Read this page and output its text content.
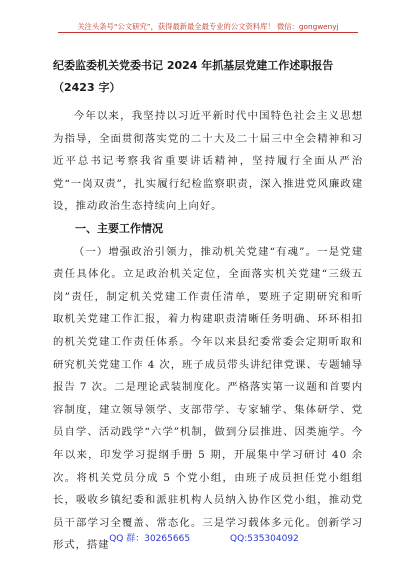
关注头条号“公文研究”，获得最新最全最专业的公文资料库！ 微信：gongwenyj

纪委监委机关党委书记 2024 年抓基层党建工作述职报告

（2423 字）

今年以来，我坚持以习近平新时代中国特色社会主义思想为指导，全面贯彻落实党的二十大及二十届三中全会精神和习近平总书记考察我省重要讲话精神，坚持履行全面从严治党“一岗双责”，扎实履行纪检监察职责，深入推进党风廉政建设，推动政治生态持续向上向好。

一、主要工作情况

（一）增强政治引领力，推动机关党建“有魂”。一是党建责任具体化。立足政治机关定位，全面落实机关党建“三级五岗”责任，制定机关党建工作责任清单，要班子定期研究和听取机关党建工作汇报，着力构建职责清晰任务明确、环环相扣的机关党建工作责任体系。今年以来县纪委常委会定期听取和研究机关党建工作 4 次，班子成员带头讲纪律党课、专题辅导报告 7 次。二是理论武装制度化。严格落实第一议题和首要内容制度，建立领导领学、支部带学、专家辅学、集体研学、党员自学、活动践学“六学”机制，做到分层推进、因类施学。今年以来，印发学习提纲手册 5 期，开展集中学习研讨 40 余次。将机关党员分成 5 个党小组，由班子成员担任党小组组长，吸收乡镇纪委和派驻机构人员纳入协作区党小组，推动党员干部学习全覆盖、常态化。三是学习载体多元化。创新学习形式，搭建

QQ 群：30265665	QQ:535304092
